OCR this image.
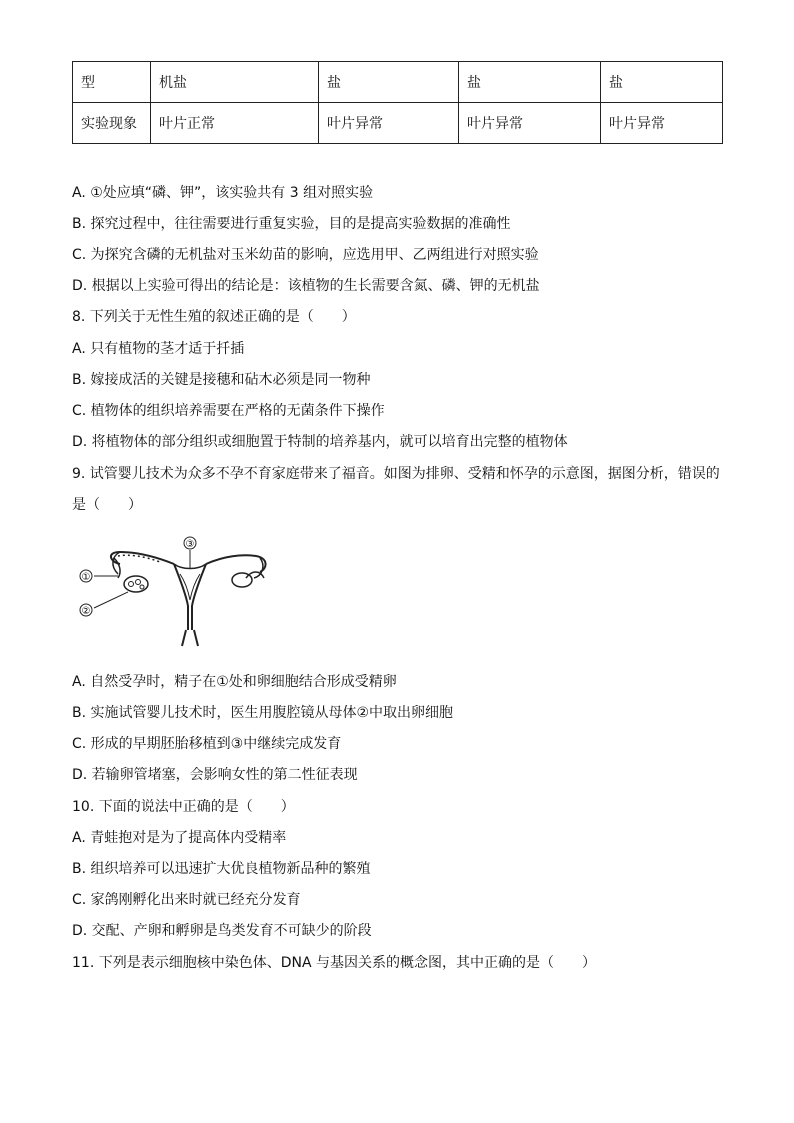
型	机盐	盐	盐	盐
实验现象	叶片正常	叶片异常	叶片异常	叶片异常
A. ①处应填“磷、钾”，该实验共有 3 组对照实验
B. 探究过程中，往往需要进行重复实验，目的是提高实验数据的准确性
C. 为探究含磷的无机盐对玉米幼苗的影响，应选用甲、乙两组进行对照实验
D. 根据以上实验可得出的结论是：该植物的生长需要含氮、磷、钾的无机盐
8. 下列关于无性生殖的叙述正确的是（　　）
A. 只有植物的茎才适于扦插
B. 嫁接成活的关键是接穗和砧木必须是同一物种
C. 植物体的组织培养需要在严格的无菌条件下操作
D. 将植物体的部分组织或细胞置于特制的培养基内，就可以培育出完整的植物体
9. 试管婴儿技术为众多不孕不育家庭带来了福音。如图为排卵、受精和怀孕的示意图，据图分析，错误的
是（　　）
③
①
②
A. 自然受孕时，精子在①处和卵细胞结合形成受精卵
B. 实施试管婴儿技术时，医生用腹腔镜从母体②中取出卵细胞
C. 形成的早期胚胎移植到③中继续完成发育
D. 若输卵管堵塞，会影响女性的第二性征表现
10. 下面的说法中正确的是（　　）
A. 青蛙抱对是为了提高体内受精率
B. 组织培养可以迅速扩大优良植物新品种的繁殖
C. 家鸽刚孵化出来时就已经充分发育
D. 交配、产卵和孵卵是鸟类发育不可缺少的阶段
11. 下列是表示细胞核中染色体、DNA 与基因关系的概念图，其中正确的是（　　）
